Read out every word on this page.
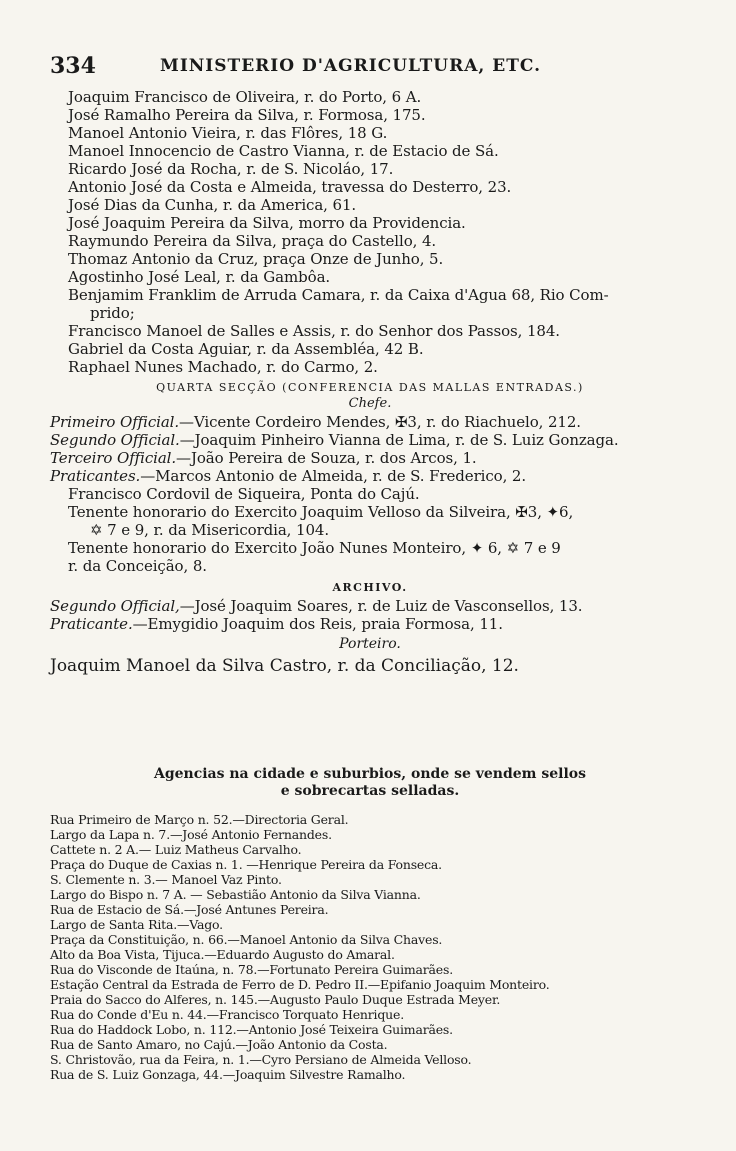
334	MINISTERIO D'AGRICULTURA, ETC.
Joaquim Francisco de Oliveira, r. do Porto, 6 A.
José Ramalho Pereira da Silva, r. Formosa, 175.
Manoel Antonio Vieira, r. das Flôres, 18 G.
Manoel Innocencio de Castro Vianna, r. de Estacio de Sá.
Ricardo José da Rocha, r. de S. Nicoláo, 17.
Antonio José da Costa e Almeida, travessa do Desterro, 23.
José Dias da Cunha, r. da America, 61.
José Joaquim Pereira da Silva, morro da Providencia.
Raymundo Pereira da Silva, praça do Castello, 4.
Thomaz Antonio da Cruz, praça Onze de Junho, 5.
Agostinho José Leal, r. da Gambôa.
Benjamim Franklim de Arruda Camara, r. da Caixa d'Agua 68, Rio Com-
prido;
Francisco Manoel de Salles e Assis, r. do Senhor dos Passos, 184.
Gabriel da Costa Aguiar, r. da Assembléa, 42 B.
Raphael Nunes Machado, r. do Carmo, 2.
QUARTA SECÇÃO (CONFERENCIA DAS MALLAS ENTRADAS.)
Chefe.
Primeiro Official.—Vicente Cordeiro Mendes, ✠3, r. do Riachuelo, 212.
Segundo Official.—Joaquim Pinheiro Vianna de Lima, r. de S. Luiz Gonzaga.
Terceiro Official.—João Pereira de Souza, r. dos Arcos, 1.
Praticantes.—Marcos Antonio de Almeida, r. de S. Frederico, 2.
Francisco Cordovil de Siqueira, Ponta do Cajú.
Tenente honorario do Exercito Joaquim Velloso da Silveira, ✠3, ✦6,
✡ 7 e 9, r. da Misericordia, 104.
Tenente honorario do Exercito João Nunes Monteiro, ✦ 6, ✡ 7 e 9
r. da Conceição, 8.
ARCHIVO.
Segundo Official,—José Joaquim Soares, r. de Luiz de Vasconsellos, 13.
Praticante.—Emygidio Joaquim dos Reis, praia Formosa, 11.
Porteiro.
Joaquim Manoel da Silva Castro, r. da Conciliação, 12.
Agencias na cidade e suburbios, onde se vendem sellos
e sobrecartas selladas.
Rua Primeiro de Março n. 52.—Directoria Geral.
Largo da Lapa n. 7.—José Antonio Fernandes.
Cattete n. 2 A.— Luiz Matheus Carvalho.
Praça do Duque de Caxias n. 1. —Henrique Pereira da Fonseca.
S. Clemente n. 3.— Manoel Vaz Pinto.
Largo do Bispo n. 7 A. — Sebastião Antonio da Silva Vianna.
Rua de Estacio de Sá.—José Antunes Pereira.
Largo de Santa Rita.—Vago.
Praça da Constituição, n. 66.—Manoel Antonio da Silva Chaves.
Alto da Boa Vista, Tijuca.—Eduardo Augusto do Amaral.
Rua do Visconde de Itaúna, n. 78.—Fortunato Pereira Guimarães.
Estação Central da Estrada de Ferro de D. Pedro II.—Epifanio Joaquim Monteiro.
Praia do Sacco do Alferes, n. 145.—Augusto Paulo Duque Estrada Meyer.
Rua do Conde d'Eu n. 44.—Francisco Torquato Henrique.
Rua do Haddock Lobo, n. 112.—Antonio José Teixeira Guimarães.
Rua de Santo Amaro, no Cajú.—João Antonio da Costa.
S. Christovão, rua da Feira, n. 1.—Cyro Persiano de Almeida Velloso.
Rua de S. Luiz Gonzaga, 44.—Joaquim Silvestre Ramalho.
